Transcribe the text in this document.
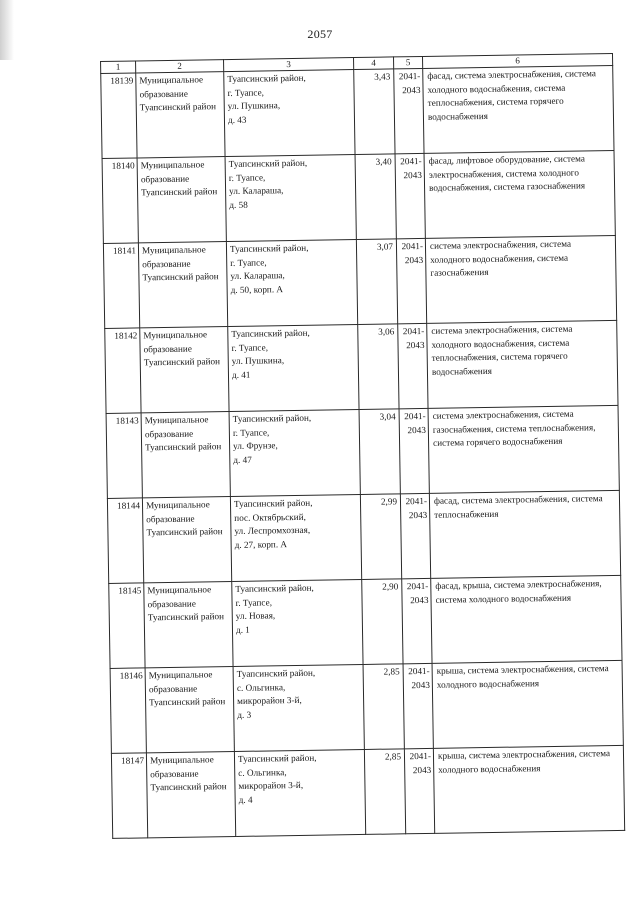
2057
1	2	3	4	5	6
18139	Муниципальное
образование
Туапсинский район	Туапсинский район,
г. Туапсе,
ул. Пушкина,
д. 43	3,43	2041-
2043	фасад, система электроснабжения, система холодного водоснабжения, система теплоснабжения, система горячего водоснабжения

18140	Муниципальное
образование
Туапсинский район	Туапсинский район,
г. Туапсе,
ул. Калараша,
д. 58	3,40	2041-
2043	фасад, лифтовое оборудование, система электроснабжения, система холодного водоснабжения, система газоснабжения

18141	Муниципальное
образование
Туапсинский район	Туапсинский район,
г. Туапсе,
ул. Калараша,
д. 50, корп. А	3,07	2041-
2043	система электроснабжения, система холодного водоснабжения, система газоснабжения

18142	Муниципальное
образование
Туапсинский район	Туапсинский район,
г. Туапсе,
ул. Пушкина,
д. 41	3,06	2041-
2043	система электроснабжения, система холодного водоснабжения, система теплоснабжения, система горячего водоснабжения

18143	Муниципальное
образование
Туапсинский район	Туапсинский район,
г. Туапсе,
ул. Фрунзе,
д. 47	3,04	2041-
2043	система электроснабжения, система газоснабжения, система теплоснабжения, система горячего водоснабжения

18144	Муниципальное
образование
Туапсинский район	Туапсинский район,
пос. Октябрьский,
ул. Леспромхозная,
д. 27, корп. А	2,99	2041-
2043	фасад, система электроснабжения, система теплоснабжения

18145	Муниципальное
образование
Туапсинский район	Туапсинский район,
г. Туапсе,
ул. Новая,
д. 1	2,90	2041-
2043	фасад, крыша, система электроснабжения, система холодного водоснабжения

18146	Муниципальное
образование
Туапсинский район	Туапсинский район,
с. Ольгинка,
микрорайон 3-й,
д. 3	2,85	2041-
2043	крыша, система электроснабжения, система холодного водоснабжения

18147	Муниципальное
образование
Туапсинский район	Туапсинский район,
с. Ольгинка,
микрорайон 3-й,
д. 4	2,85	2041-
2043	крыша, система электроснабжения, система холодного водоснабжения
